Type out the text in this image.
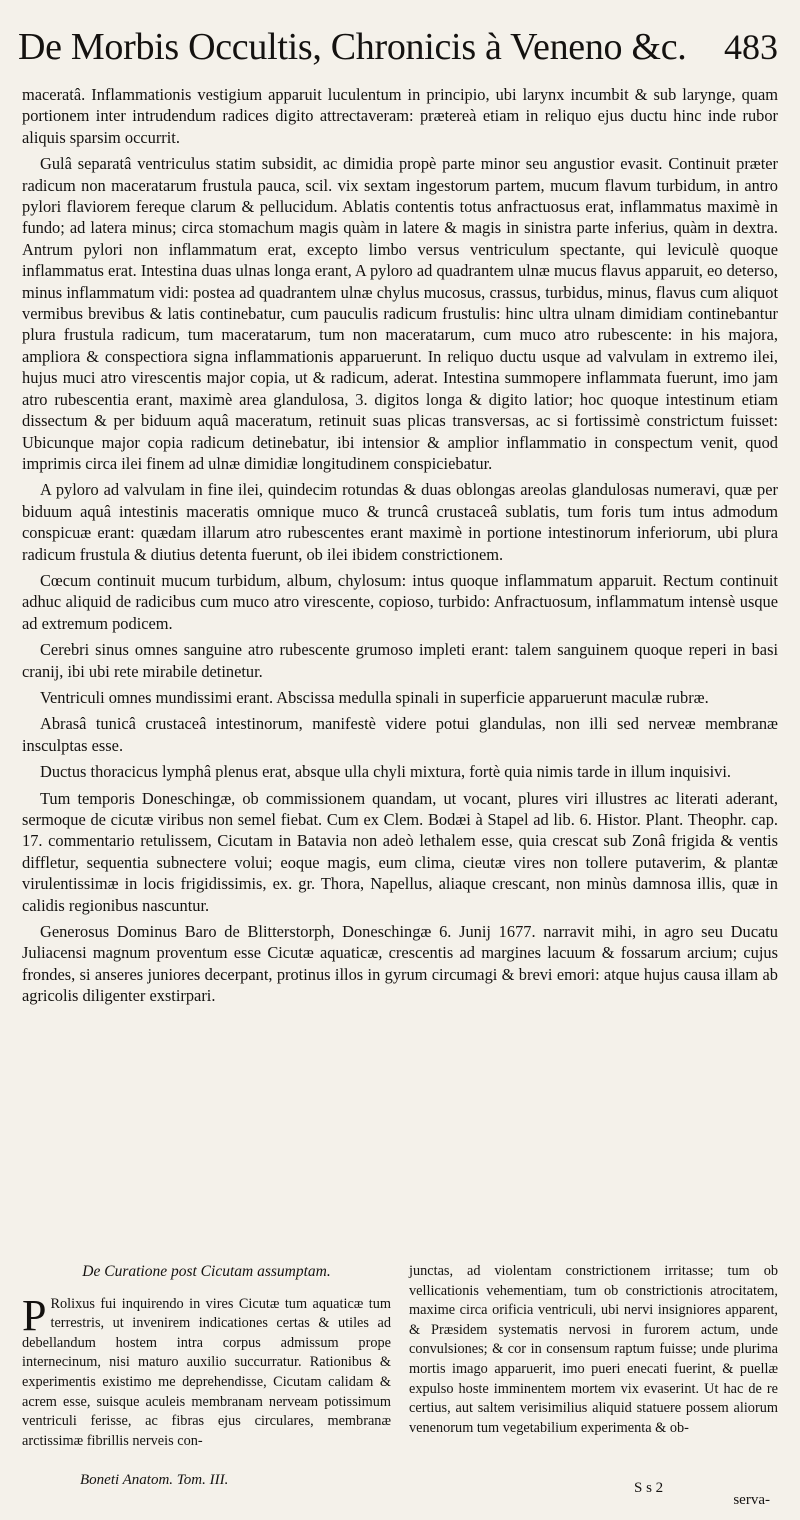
De Morbis Occultis, Chronicis à Veneno &c. 483

maceratâ. Inflammationis vestigium apparuit luculentum in principio, ubi larynx incumbit & sub larynge, quam portionem inter intrudendum radices digito attrectaveram: prætereà etiam in reliquo ejus ductu hinc inde rubor aliquis sparsim occurrit.

Gulâ separatâ ventriculus statim subsidit, ac dimidia propè parte minor seu angustior evasit. Continuit præter radicum non maceratarum frustula pauca, scil. vix sextam ingestorum partem, mucum flavum turbidum, in antro pylori flaviorem fereque clarum & pellucidum. Ablatis contentis totus anfractuosus erat, inflammatus maximè in fundo; ad latera minus; circa stomachum magis quàm in latere & magis in sinistra parte inferius, quàm in dextra. Antrum pylori non inflammatum erat, excepto limbo versus ventriculum spectante, qui leviculè quoque inflammatus erat. Intestina duas ulnas longa erant, A pyloro ad quadrantem ulnæ mucus flavus apparuit, eo deterso, minus inflammatum vidi: postea ad quadrantem ulnæ chylus mucosus, crassus, turbidus, minus, flavus cum aliquot vermibus brevibus & latis continebatur, cum pauculis radicum frustulis: hinc ultra ulnam dimidiam continebantur plura frustula radicum, tum maceratarum, tum non maceratarum, cum muco atro rubescente: in his majora, ampliora & conspectiora signa inflammationis apparuerunt. In reliquo ductu usque ad valvulam in extremo ilei, hujus muci atro virescentis major copia, ut & radicum, aderat. Intestina summopere inflammata fuerunt, imo jam atro rubescentia erant, maximè area glandulosa, 3. digitos longa & digito latior; hoc quoque intestinum etiam dissectum & per biduum aquâ maceratum, retinuit suas plicas transversas, ac si fortissimè constrictum fuisset: Ubicunque major copia radicum detinebatur, ibi intensior & amplior inflammatio in conspectum venit, quod imprimis circa ilei finem ad ulnæ dimidiæ longitudinem conspiciebatur.

A pyloro ad valvulam in fine ilei, quindecim rotundas & duas oblongas areolas glandulosas numeravi, quæ per biduum aquâ intestinis maceratis omnique muco & truncâ crustaceâ sublatis, tum foris tum intus admodum conspicuæ erant: quædam illarum atro rubescentes erant maximè in portione intestinorum inferiorum, ubi plura radicum frustula & diutius detenta fuerunt, ob ilei ibidem constrictionem.

Cœcum continuit mucum turbidum, album, chylosum: intus quoque inflammatum apparuit. Rectum continuit adhuc aliquid de radicibus cum muco atro virescente, copioso, turbido: Anfractuosum, inflammatum intensè usque ad extremum podicem.

Cerebri sinus omnes sanguine atro rubescente grumoso impleti erant: talem sanguinem quoque reperi in basi cranij, ibi ubi rete mirabile detinetur.

Ventriculi omnes mundissimi erant. Abscissa medulla spinali in superficie apparuerunt maculæ rubræ.

Abrasâ tunicâ crustaceâ intestinorum, manifestè videre potui glandulas, non illi sed nerveæ membranæ insculptas esse.

Ductus thoracicus lymphâ plenus erat, absque ulla chyli mixtura, fortè quia nimis tarde in illum inquisivi.

Tum temporis Doneschingæ, ob commissionem quandam, ut vocant, plures viri illustres ac literati aderant, sermoque de cicutæ viribus non semel fiebat. Cum ex Clem. Bodæi à Stapel ad lib. 6. Histor. Plant. Theophr. cap. 17. commentario retulissem, Cicutam in Batavia non adeò lethalem esse, quia crescat sub Zonâ frigida & ventis diffletur, sequentia subnectere volui; eoque magis, eum clima, cieutæ vires non tollere putaverim, & plantæ virulentissimæ in locis frigidissimis, ex. gr. Thora, Napellus, aliaque crescant, non minùs damnosa illis, quæ in calidis regionibus nascuntur.

Generosus Dominus Baro de Blitterstorph, Doneschingæ 6. Junij 1677. narravit mihi, in agro seu Ducatu Juliacensi magnum proventum esse Cicutæ aquaticæ, crescentis ad margines lacuum & fossarum arcium; cujus frondes, si anseres juniores decerpant, protinus illos in gyrum circumagi & brevi emori: atque hujus causa illam ab agricolis diligenter exstirpari.

De Curatione post Cicutam assumptam.

P Rolixus fui inquirendo in vires Cicutæ tum aquaticæ tum terrestris, ut invenirem indicationes certas & utiles ad debellandum hostem intra corpus admissum prope internecinum, nisi maturo auxilio succurratur. Rationibus & experimentis existimo me deprehendisse, Cicutam calidam & acrem esse, suisque aculeis membranam nerveam potissimum ventriculi ferisse, ac fibras ejus circulares, membranæ arctissimæ fibrillis nerveis con-

junctas, ad violentam constrictionem irritasse; tum ob vellicationis vehementiam, tum ob constrictionis atrocitatem, maxime circa orificia ventriculi, ubi nervi insigniores apparent, & Præsidem systematis nervosi in furorem actum, unde convulsiones; & cor in consensum raptum fuisse; unde plurima mortis imago apparuerit, imo pueri enecati fuerint, & puellæ expulso hoste imminentem mortem vix evaserint. Ut hac de re certius, aut saltem verisimilius aliquid statuere possem aliorum venenorum tum vegetabilium experimenta & ob-

Boneti Anatom. Tom. III.	S s 2
serva-
